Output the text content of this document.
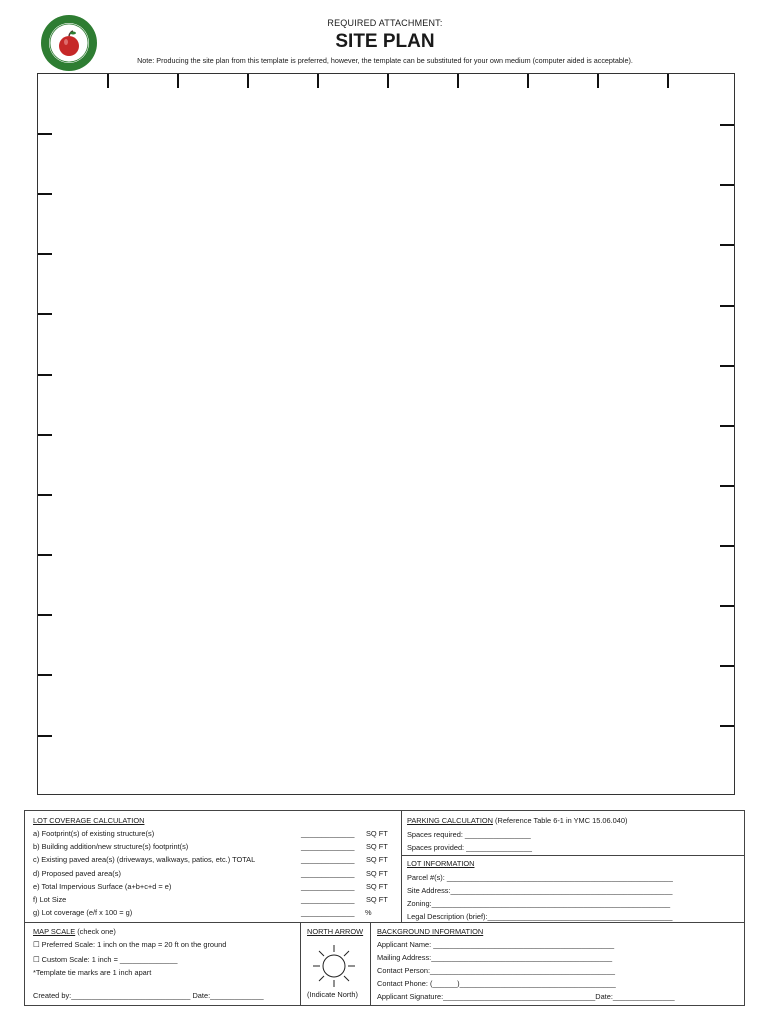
REQUIRED ATTACHMENT:
SITE PLAN
Note: Producing the site plan from this template is preferred, however, the template can be substituted for your own medium (computer aided is acceptable).
LOT COVERAGE CALCULATION
a) Footprint(s) of existing structure(s)	_____________ SQ FT
b) Building addition/new structure(s) footprint(s)	_____________ SQ FT
c) Existing paved area(s) (driveways, walkways, patios, etc.) TOTAL	_____________ SQ FT
d) Proposed paved area(s)	_____________ SQ FT
e) Total Impervious Surface (a+b+c+d = e)	_____________ SQ FT
f) Lot Size	_____________ SQ FT
g) Lot coverage (e/f x 100 = g)	_____________ %
PARKING CALCULATION (Reference Table 6-1 in YMC 15.06.040)
Spaces required: ________________
Spaces provided: ________________
LOT INFORMATION
Parcel #(s): _______________________________________________________
Site Address:______________________________________________________
Zoning:__________________________________________________________
Legal Description (brief):_____________________________________________
MAP SCALE (check one)
☐ Preferred Scale: 1 inch on the map = 20 ft on the ground
☐ Custom Scale: 1 inch = ______________
*Template tie marks are 1 inch apart
Created by:_____________________________ Date:_____________
NORTH ARROW
(Indicate North)
BACKGROUND INFORMATION
Applicant Name: ____________________________________________
Mailing Address:____________________________________________
Contact Person:_____________________________________________
Contact Phone: (______)______________________________________
Applicant Signature:_____________________________________Date:_______________
